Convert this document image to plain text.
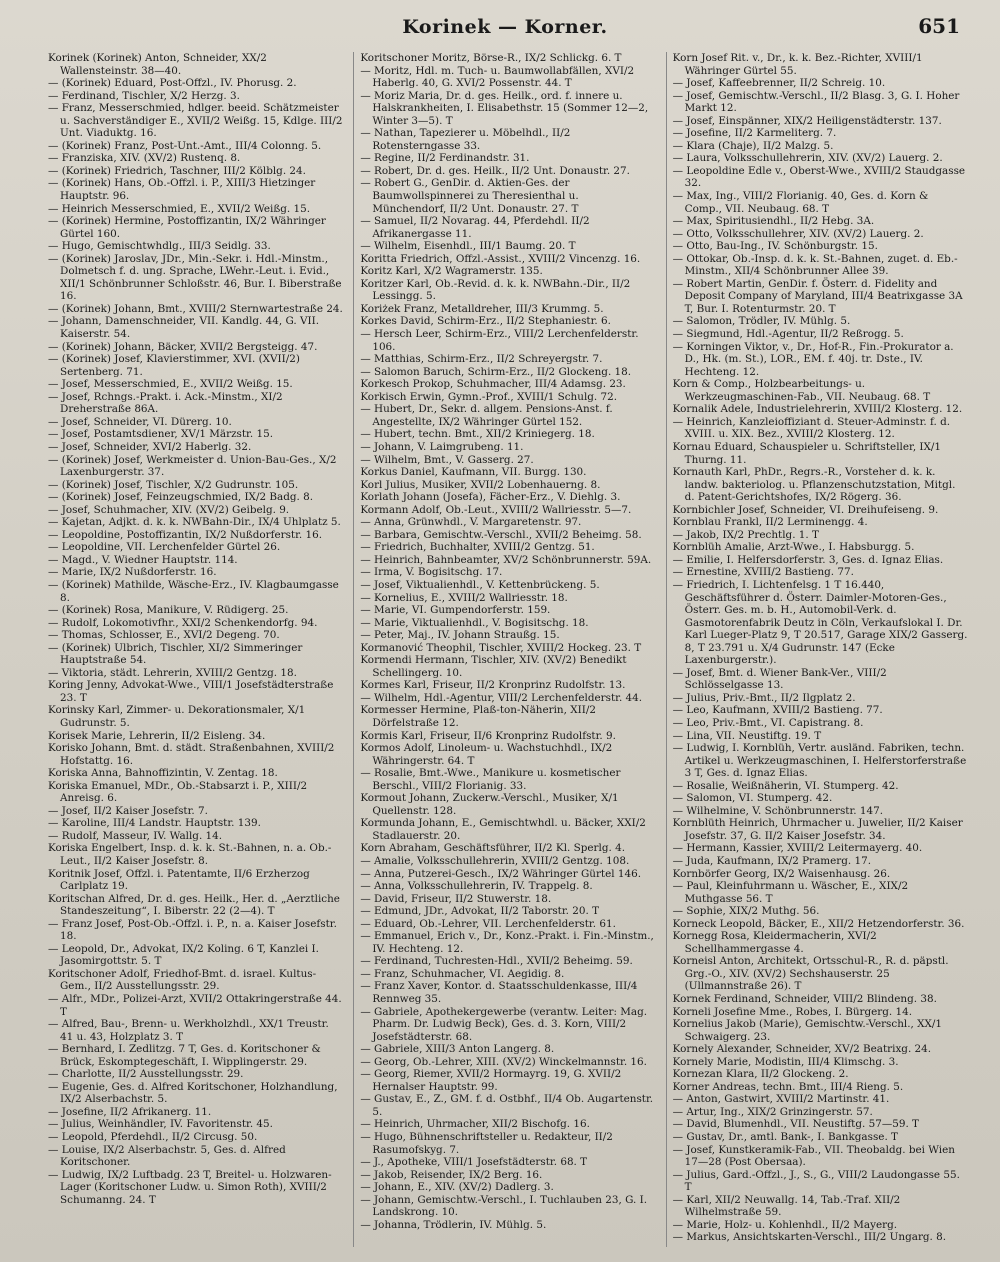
Korinek — Korner.	651

Korinek (Korinek) Anton, Schneider, XX/2 Wallensteinstr. 38—40.

— (Korinek) Eduard, Post-Offzl., IV. Phorusg. 2.

— Ferdinand, Tischler, X/2 Herzg. 3.

— Franz, Messerschmied, hdlger. beeid. Schätzmeister u. Sachverständiger E., XVII/2 Weißg. 15, Kdlge. III/2 Unt. Viaduktg. 16.

— (Korinek) Franz, Post-Unt.-Amt., III/4 Colonng. 5.

— Franziska, XIV. (XV/2) Rustenq. 8.

— (Korinek) Friedrich, Taschner, III/2 Kölblg. 24.

— (Korinek) Hans, Ob.-Offzl. i. P., XIII/3 Hietzinger Hauptstr. 96.

— Heinrich Messerschmied, E., XVII/2 Weißg. 15.

— (Korinek) Hermine, Postoffizantin, IX/2 Währinger Gürtel 160.

— Hugo, Gemischtwhdlg., III/3 Seidlg. 33.

— (Korinek) Jaroslav, JDr., Min.-Sekr. i. Hdl.-Minstm., Dolmetsch f. d. ung. Sprache, LWehr.-Leut. i. Evid., XII/1 Schönbrunner Schloßstr. 46, Bur. I. Biberstraße 16.

— (Korinek) Johann, Bmt., XVIII/2 Sternwartestraße 24.

— Johann, Damenschneider, VII. Kandlg. 44, G. VII. Kaiserstr. 54.

— (Korinek) Johann, Bäcker, XVII/2 Bergsteigg. 47.

— (Korinek) Josef, Klavierstimmer, XVI. (XVII/2) Sertenberg. 71.

— Josef, Messerschmied, E., XVII/2 Weißg. 15.

— Josef, Rchngs.-Prakt. i. Ack.-Minstm., XI/2 Dreherstraße 86A.

— Josef, Schneider, VI. Dürerg. 10.

— Josef, Postamtsdiener, XV/1 Märzstr. 15.

— Josef, Schneider, XVI/2 Haberlg. 32.

— (Korinek) Josef, Werkmeister d. Union-Bau-Ges., X/2 Laxenburgerstr. 37.

— (Korinek) Josef, Tischler, X/2 Gudrunstr. 105.

— (Korinek) Josef, Feinzeugschmied, IX/2 Badg. 8.

— Josef, Schuhmacher, XIV. (XV/2) Geibelg. 9.

— Kajetan, Adjkt. d. k. k. NWBahn-Dir., IX/4 Uhlplatz 5.

— Leopoldine, Postoffizantin, IX/2 Nußdorferstr. 16.

— Leopoldine, VII. Lerchenfelder Gürtel 26.

— Magd., V. Wiedner Hauptstr. 114.

— Marie, IX/2 Nußdorferstr. 16.

— (Korinek) Mathilde, Wäsche-Erz., IV. Klagbaumgasse 8.

— (Korinek) Rosa, Manikure, V. Rüdigerg. 25.

— Rudolf, Lokomotivfhr., XXI/2 Schenkendorfg. 94.

— Thomas, Schlosser, E., XVI/2 Degeng. 70.

— (Korinek) Ulbrich, Tischler, XI/2 Simmeringer Hauptstraße 54.

— Viktoria, städt. Lehrerin, XVIII/2 Gentzg. 18.

Koring Jenny, Advokat-Wwe., VIII/1 Josefstädterstraße 23. T

Korinsky Karl, Zimmer- u. Dekorationsmaler, X/1 Gudrunstr. 5.

Korisek Marie, Lehrerin, II/2 Eisleng. 34.

Korisko Johann, Bmt. d. städt. Straßenbahnen, XVIII/2 Hofstattg. 16.

Koriska Anna, Bahnoffizintin, V. Zentag. 18.

Koriska Emanuel, MDr., Ob.-Stabsarzt i. P., XIII/2 Anreisg. 6.

— Josef, II/2 Kaiser Josefstr. 7.

— Karoline, III/4 Landstr. Hauptstr. 139.

— Rudolf, Masseur, IV. Wallg. 14.

Koriska Engelbert, Insp. d. k. k. St.-Bahnen, n. a. Ob.-Leut., II/2 Kaiser Josefstr. 8.

Koritnik Josef, Offzl. i. Patentamte, II/6 Erzherzog Carlplatz 19.

Koritschan Alfred, Dr. d. ges. Heilk., Her. d. „Aerztliche Standeszeitung“, I. Biberstr. 22 (2—4). T

— Franz Josef, Post-Ob.-Offzl. i. P., n. a. Kaiser Josefstr. 18.

— Leopold, Dr., Advokat, IX/2 Koling. 6 T, Kanzlei I. Jasomirgottstr. 5. T

Koritschoner Adolf, Friedhof-Bmt. d. israel. Kultus-Gem., II/2 Ausstellungsstr. 29.

— Alfr., MDr., Polizei-Arzt, XVII/2 Ottakringerstraße 44. T

— Alfred, Bau-, Brenn- u. Werkholzhdl., XX/1 Treustr. 41 u. 43, Holzplatz 3. T

— Bernhard, I. Zedlitzg. 7 T, Ges. d. Koritschoner & Brück, Eskomptegeschäft, I. Wipplingerstr. 29.

— Charlotte, II/2 Ausstellungsstr. 29.

— Eugenie, Ges. d. Alfred Koritschoner, Holzhandlung, IX/2 Alserbachstr. 5.

— Josefine, II/2 Afrikanerg. 11.

— Julius, Weinhändler, IV. Favoritenstr. 45.

— Leopold, Pferdehdl., II/2 Circusg. 50.

— Louise, IX/2 Alserbachstr. 5, Ges. d. Alfred Koritschoner.

— Ludwig, IX/2 Luftbadg. 23 T, Breitel- u. Holzwaren-Lager (Koritschoner Ludw. u. Simon Roth), XVIII/2 Schumanng. 24. T

Koritschoner Moritz, Börse-R., IX/2 Schlickg. 6. T

— Moritz, Hdl. m. Tuch- u. Baumwollabfällen, XVI/2 Haberlg. 40, G. XVI/2 Possenstr. 44. T

— Moriz Maria, Dr. d. ges. Heilk., ord. f. innere u. Halskrankheiten, I. Elisabethstr. 15 (Sommer 12—2, Winter 3—5). T

— Nathan, Tapezierer u. Möbelhdl., II/2 Rotensterngasse 33.

— Regine, II/2 Ferdinandstr. 31.

— Robert, Dr. d. ges. Heilk., II/2 Unt. Donaustr. 27.

— Robert G., GenDir. d. Aktien-Ges. der Baumwollspinnerei zu Theresienthal u. Münchendorf, II/2 Unt. Donaustr. 27. T

— Samuel, II/2 Novarag. 44, Pferdehdl. II/2 Afrikanergasse 11.

— Wilhelm, Eisenhdl., III/1 Baumg. 20. T

Koritta Friedrich, Offzl.-Assist., XVIII/2 Vincenzg. 16.

Koritz Karl, X/2 Wagramerstr. 135.

Koritzer Karl, Ob.-Revid. d. k. k. NWBahn.-Dir., II/2 Lessingg. 5.

Koriżek Franz, Metalldreher, III/3 Krummg. 5.

Korkes David, Schirm-Erz., II/2 Stephaniestr. 6.

— Hersch Leer, Schirm-Erz., VIII/2 Lerchenfelderstr. 106.

— Matthias, Schirm-Erz., II/2 Schreyergstr. 7.

— Salomon Baruch, Schirm-Erz., II/2 Glockeng. 18.

Korkesch Prokop, Schuhmacher, III/4 Adamsg. 23.

Korkisch Erwin, Gymn.-Prof., XVIII/1 Schulg. 72.

— Hubert, Dr., Sekr. d. allgem. Pensions-Anst. f. Angestellte, IX/2 Währinger Gürtel 152.

— Hubert, techn. Bmt., XII/2 Kriniegerg. 18.

— Johann, V. Laimgrubeng. 11.

— Wilhelm, Bmt., V. Gasserg. 27.

Korkus Daniel, Kaufmann, VII. Burgg. 130.

Korl Julius, Musiker, XVII/2 Lobenhauerng. 8.

Korlath Johann (Josefa), Fächer-Erz., V. Diehlg. 3.

Kormann Adolf, Ob.-Leut., XVIII/2 Wallriesstr. 5—7.

— Anna, Grünwhdl., V. Margaretenstr. 97.

— Barbara, Gemischtw.-Verschl., XVII/2 Beheimg. 58.

— Friedrich, Buchhalter, XVIII/2 Gentzg. 51.

— Heinrich, Bahnbeamter, XV/2 Schönbrunnerstr. 59A.

— Irma, V. Bogisitschg. 17.

— Josef, Viktualienhdl., V. Kettenbrückeng. 5.

— Kornelius, E., XVIII/2 Wallriesstr. 18.

— Marie, VI. Gumpendorferstr. 159.

— Marie, Viktualienhdl., V. Bogisitschg. 18.

— Peter, Maj., IV. Johann Straußg. 15.

Kormanović Theophil, Tischler, XVIII/2 Hockeg. 23. T

Kormendi Hermann, Tischler, XIV. (XV/2) Benedikt Schellingerg. 10.

Kormes Karl, Friseur, II/2 Kronprinz Rudolfstr. 13.

— Wilhelm, Hdl.-Agentur, VIII/2 Lerchenfelderstr. 44.

Kormesser Hermine, Plaß-ton-Näherin, XII/2 Dörfelstraße 12.

Kormis Karl, Friseur, II/6 Kronprinz Rudolfstr. 9.

Kormos Adolf, Linoleum- u. Wachstuchhdl., IX/2 Währingerstr. 64. T

— Rosalie, Bmt.-Wwe., Manikure u. kosmetischer Berschl., VIII/2 Florianig. 33.

Kormout Johann, Zuckerw.-Verschl., Musiker, X/1 Quellenstr. 128.

Kormunda Johann, E., Gemischtwhdl. u. Bäcker, XXI/2 Stadlauerstr. 20.

Korn Abraham, Geschäftsführer, II/2 Kl. Sperlg. 4.

— Amalie, Volksschullehrerin, XVIII/2 Gentzg. 108.

— Anna, Putzerei-Gesch., IX/2 Währinger Gürtel 146.

— Anna, Volksschullehrerin, IV. Trappelg. 8.

— David, Friseur, II/2 Stuwerstr. 18.

— Edmund, JDr., Advokat, II/2 Taborstr. 20. T

— Eduard, Ob.-Lehrer, VII. Lerchenfelderstr. 61.

— Emmanuel, Erich v., Dr., Konz.-Prakt. i. Fin.-Minstm., IV. Hechteng. 12.

— Ferdinand, Tuchresten-Hdl., XVII/2 Beheimg. 59.

— Franz, Schuhmacher, VI. Aegidig. 8.

— Franz Xaver, Kontor. d. Staatsschuldenkasse, III/4 Rennweg 35.

— Gabriele, Apothekergewerbe (verantw. Leiter: Mag. Pharm. Dr. Ludwig Beck), Ges. d. 3. Korn, VIII/2 Josefstädterstr. 68.

— Gabriele, XIII/3 Anton Langerg. 8.

— Georg, Ob.-Lehrer, XIII. (XV/2) Winckelmannstr. 16.

— Georg, Riemer, XVII/2 Hormayrg. 19, G. XVII/2 Hernalser Hauptstr. 99.

— Gustav, E., Z., GM. f. d. Ostbhf., II/4 Ob. Augartenstr. 5.

— Heinrich, Uhrmacher, XII/2 Bischofg. 16.

— Hugo, Bühnenschriftsteller u. Redakteur, II/2 Rasumofskyg. 7.

— J., Apotheke, VIII/1 Josefstädterstr. 68. T

— Jakob, Reisender, IX/2 Berg. 16.

— Johann, E., XIV. (XV/2) Dadlerg. 3.

— Johann, Gemischtw.-Verschl., I. Tuchlauben 23, G. I. Landskrong. 10.

— Johanna, Trödlerin, IV. Mühlg. 5.

Korn Josef Rit. v., Dr., k. k. Bez.-Richter, XVIII/1 Währinger Gürtel 55.

— Josef, Kaffeebrenner, II/2 Schreig. 10.

— Josef, Gemischtw.-Verschl., II/2 Blasg. 3, G. I. Hoher Markt 12.

— Josef, Einspänner, XIX/2 Heiligenstädterstr. 137.

— Josefine, II/2 Karmeliterg. 7.

— Klara (Chaje), II/2 Malzg. 5.

— Laura, Volksschullehrerin, XIV. (XV/2) Lauerg. 2.

— Leopoldine Edle v., Oberst-Wwe., XVIII/2 Staudgasse 32.

— Max, Ing., VIII/2 Florianig. 40, Ges. d. Korn & Comp., VII. Neubaug. 68. T

— Max, Spiritusiendhl., II/2 Hebg. 3A.

— Otto, Volksschullehrer, XIV. (XV/2) Lauerg. 2.

— Otto, Bau-Ing., IV. Schönburgstr. 15.

— Ottokar, Ob.-Insp. d. k. k. St.-Bahnen, zuget. d. Eb.-Minstm., XII/4 Schönbrunner Allee 39.

— Robert Martin, GenDir. f. Österr. d. Fidelity and Deposit Company of Maryland, III/4 Beatrixgasse 3A T, Bur. I. Rotenturmstr. 20. T

— Salomon, Trödler, IV. Mühlg. 5.

— Siegmund, Hdl.-Agentur, II/2 Reßrogg. 5.

— Korningen Viktor, v., Dr., Hof-R., Fin.-Prokurator a. D., Hk. (m. St.), LOR., EM. f. 40j. tr. Dste., IV. Hechteng. 12.

Korn & Comp., Holzbearbeitungs- u. Werkzeugmaschinen-Fab., VII. Neubaug. 68. T

Kornalik Adele, Industrielehrerin, XVIII/2 Klosterg. 12.

— Heinrich, Kanzleioffiziant d. Steuer-Adminstr. f. d. XVIII. u. XIX. Bez., XVIII/2 Klosterg. 12.

Kornau Eduard, Schauspieler u. Schriftsteller, IX/1 Thurng. 11.

Kornauth Karl, PhDr., Regrs.-R., Vorsteher d. k. k. landw. bakteriolog. u. Pflanzenschutzstation, Mitgl. d. Patent-Gerichtshofes, IX/2 Rögerg. 36.

Kornbichler Josef, Schneider, VI. Dreihufeiseng. 9.

Kornblau Frankl, II/2 Lerminengg. 4.

— Jakob, IX/2 Prechtlg. 1. T

Kornblüh Amalie, Arzt-Wwe., I. Habsburgg. 5.

— Emilie, I. Helfersdorferstr. 3, Ges. d. Ignaz Elias.

— Ernestine, XVIII/2 Bastieng. 77.

— Friedrich, I. Lichtenfelsg. 1 T 16.440, Geschäftsführer d. Österr. Daimler-Motoren-Ges., Österr. Ges. m. b. H., Automobil-Verk. d. Gasmotorenfabrik Deutz in Cöln, Verkaufslokal I. Dr. Karl Lueger-Platz 9, T 20.517, Garage XIX/2 Gasserg. 8, T 23.791 u. X/4 Gudrunstr. 147 (Ecke Laxenburgerstr.).

— Josef, Bmt. d. Wiener Bank-Ver., VIII/2 Schlösselgasse 13.

— Julius, Priv.-Bmt., II/2 Ilgplatz 2.

— Leo, Kaufmann, XVIII/2 Bastieng. 77.

— Leo, Priv.-Bmt., VI. Capistrang. 8.

— Lina, VII. Neustiftg. 19. T

— Ludwig, I. Kornblüh, Vertr. ausländ. Fabriken, techn. Artikel u. Werkzeugmaschinen, I. Helferstorferstraße 3 T, Ges. d. Ignaz Elias.

— Rosalie, Weißnäherin, VI. Stumperg. 42.

— Salomon, VI. Stumperg. 42.

— Wilhelmine, V. Schönbrunnerstr. 147.

Kornblüth Heinrich, Uhrmacher u. Juwelier, II/2 Kaiser Josefstr. 37, G. II/2 Kaiser Josefstr. 34.

— Hermann, Kassier, XVIII/2 Leitermayerg. 40.

— Juda, Kaufmann, IX/2 Pramerg. 17.

Kornbörfer Georg, IX/2 Waisenhausg. 26.

— Paul, Kleinfuhrmann u. Wäscher, E., XIX/2 Muthgasse 56. T

— Sophie, XIX/2 Muthg. 56.

Korneck Leopold, Bäcker, E., XII/2 Hetzendorferstr. 36.

Kornegg Rosa, Kleidermacherin, XVI/2 Schellhammergasse 4.

Korneisl Anton, Architekt, Ortsschul-R., R. d. päpstl. Grg.-O., XIV. (XV/2) Sechshauserstr. 25 (Ullmannstraße 26). T

Kornek Ferdinand, Schneider, VIII/2 Blindeng. 38.

Korneli Josefine Mme., Robes, I. Bürgerg. 14.

Kornelius Jakob (Marie), Gemischtw.-Verschl., XX/1 Schwaigerg. 23.

Kornely Alexander, Schneider, XV/2 Beatrixg. 24.

Kornely Marie, Modistin, III/4 Klimschg. 3.

Kornezan Klara, II/2 Glockeng. 2.

Korner Andreas, techn. Bmt., III/4 Rieng. 5.

— Anton, Gastwirt, XVIII/2 Martinstr. 41.

— Artur, Ing., XIX/2 Grinzingerstr. 57.

— David, Blumenhdl., VII. Neustiftg. 57—59. T

— Gustav, Dr., amtl. Bank-, I. Bankgasse. T

— Josef, Kunstkeramik-Fab., VII. Theobaldg. bei Wien 17—28 (Post Obersaa).

— Julius, Gard.-Offzl., J., S., G., VIII/2 Laudongasse 55. T

— Karl, XII/2 Neuwallg. 14, Tab.-Traf. XII/2 Wilhelmstraße 59.

— Marie, Holz- u. Kohlenhdl., II/2 Mayerg.

— Markus, Ansichtskarten-Verschl., III/2 Ungarg. 8.
